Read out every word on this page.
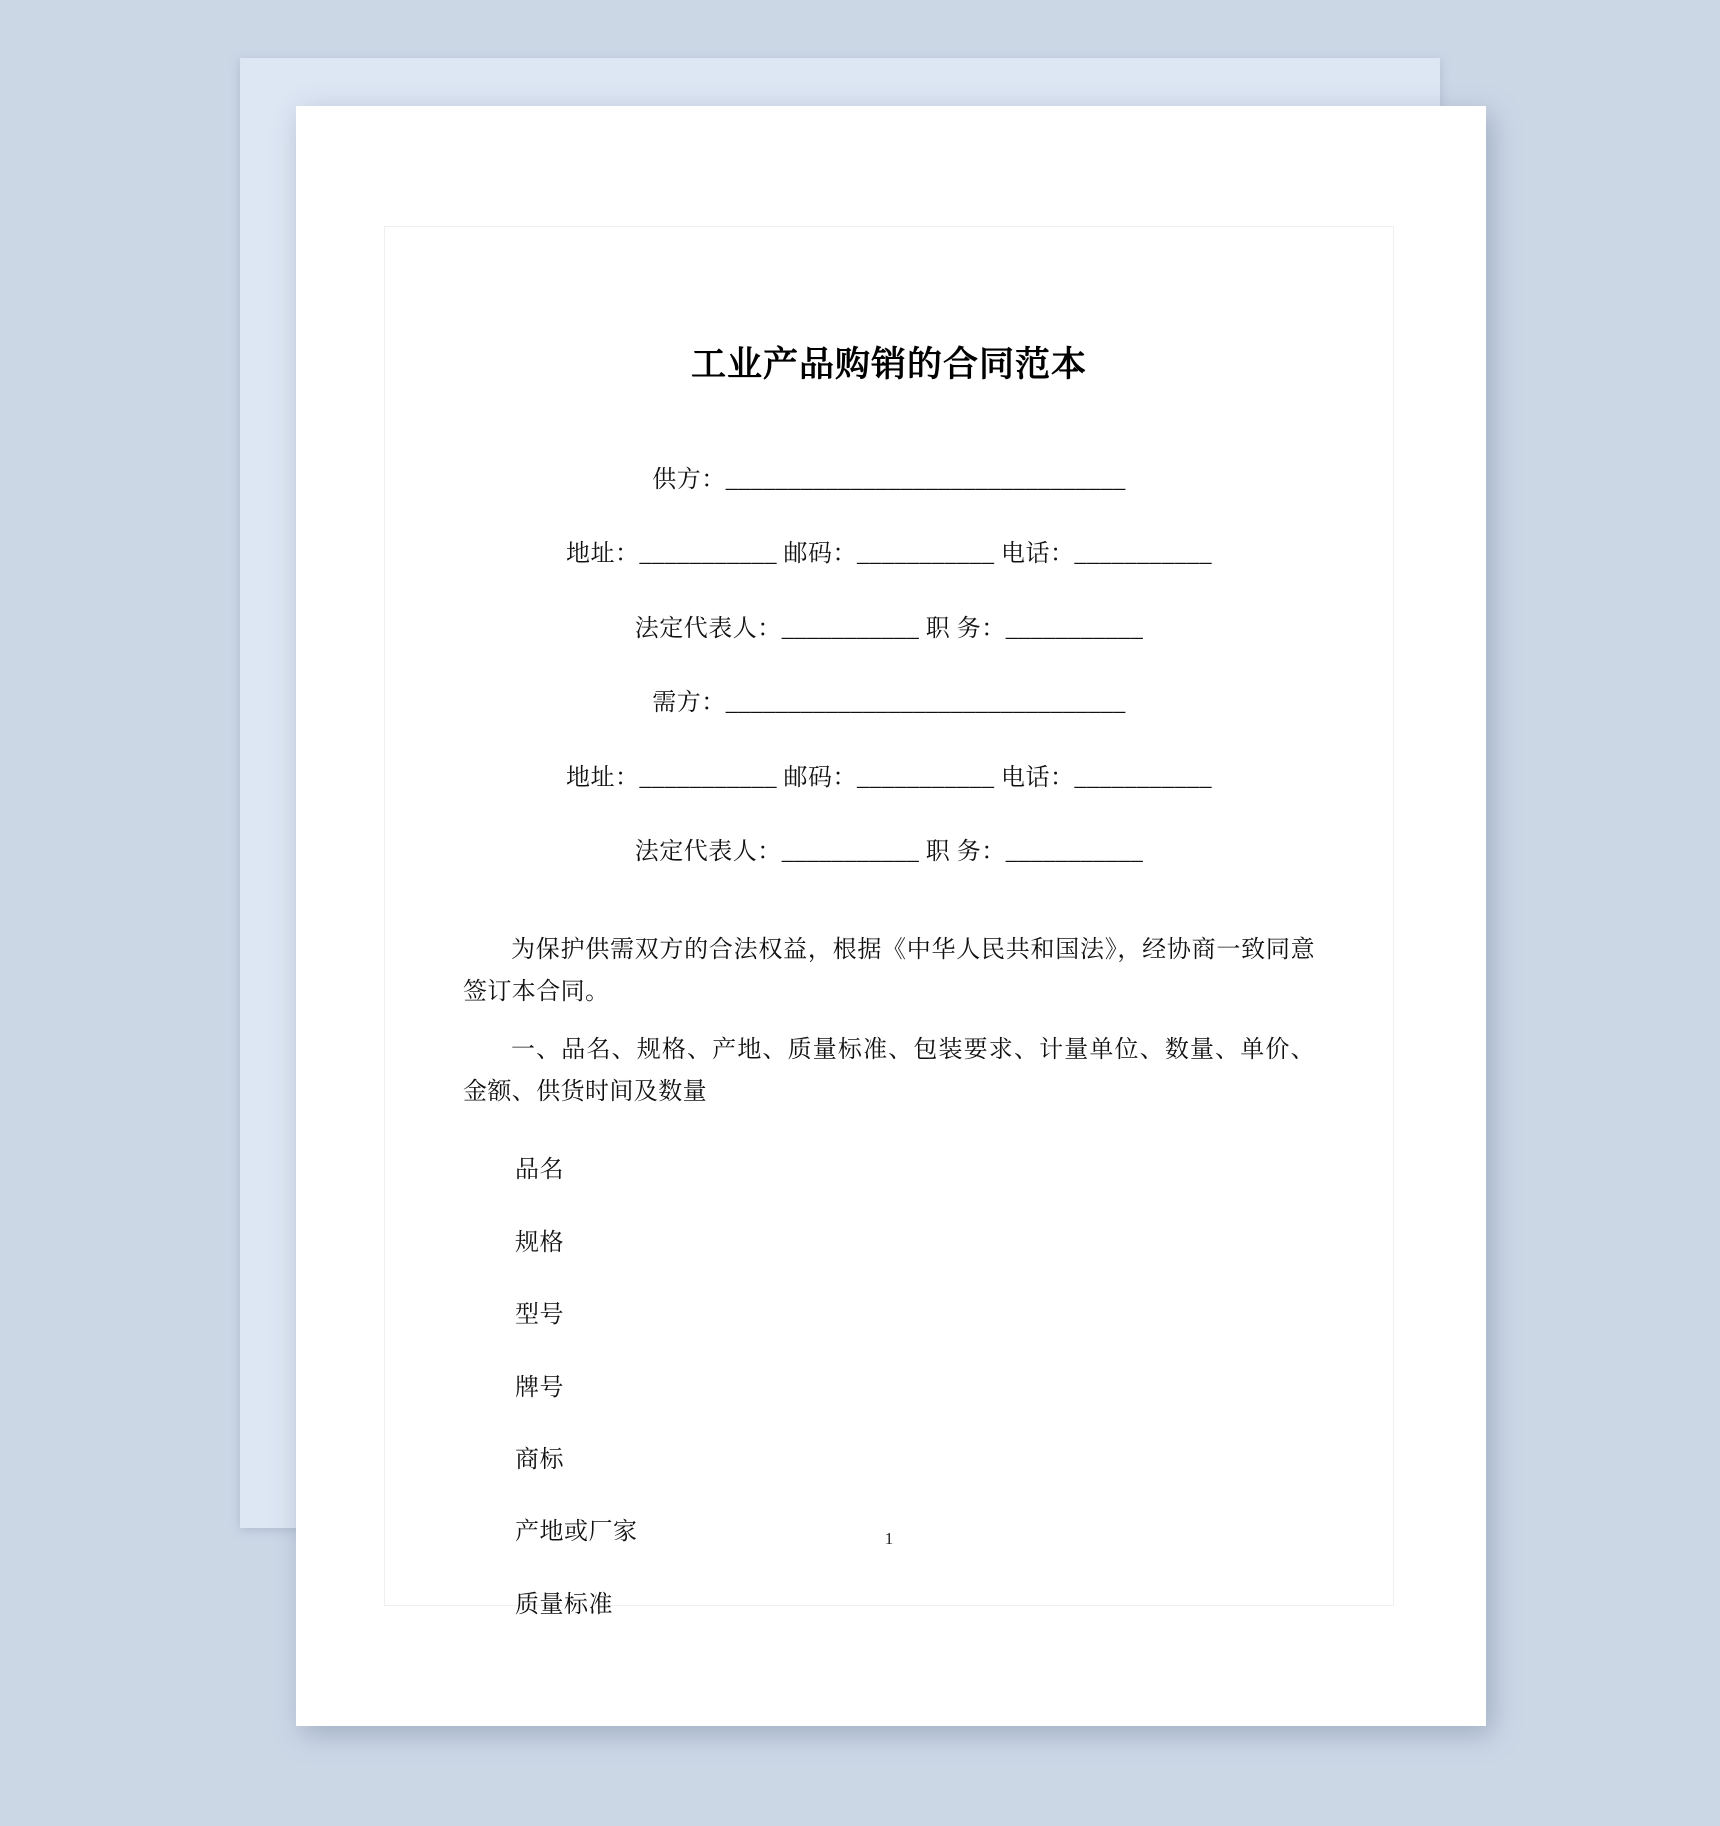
工业产品购销的合同范本

供方：________________________________

地址：___________ 邮码：___________ 电话：___________

法定代表人：___________ 职 务：___________

需方：________________________________

地址：___________ 邮码：___________ 电话：___________

法定代表人：___________ 职 务：___________

为保护供需双方的合法权益，根据《中华人民共和国法》，经协商一致同意签订本合同。

一、品名、规格、产地、质量标准、包装要求、计量单位、数量、单价、金额、供货时间及数量

品名

规格

型号

牌号

商标

产地或厂家

质量标准

1
